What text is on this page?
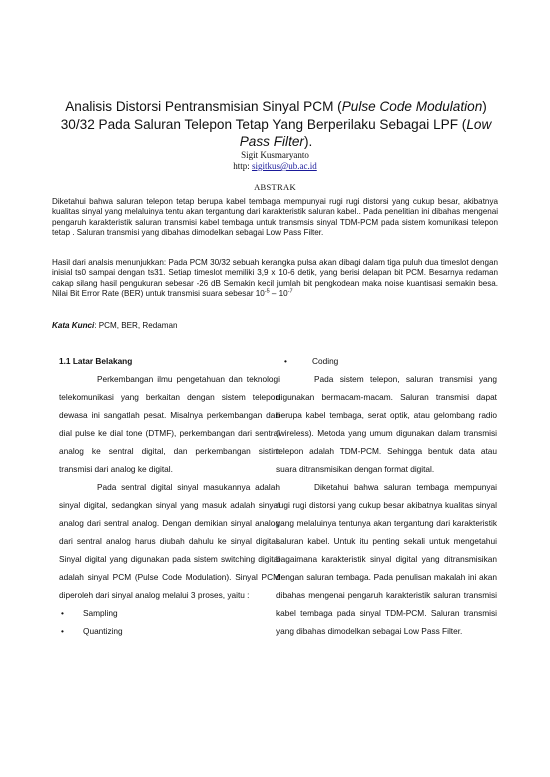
Analisis Distorsi Pentransmisian Sinyal PCM (Pulse Code Modulation) 30/32 Pada Saluran Telepon Tetap Yang Berperilaku Sebagai LPF (Low Pass Filter).
Sigit Kusmaryanto
http: sigitkus@ub.ac.id
ABSTRAK

Diketahui bahwa saluran telepon tetap berupa kabel tembaga mempunyai rugi rugi distorsi yang cukup besar, akibatnya kualitas sinyal yang melaluinya tentu akan tergantung dari karakteristik saluran kabel.. Pada penelitian ini dibahas mengenai pengaruh karakteristik saluran transmisi kabel tembaga untuk transmsis sinyal TDM-PCM pada sistem komunikasi telepon tetap . Saluran transmisi yang dibahas dimodelkan sebagai Low Pass Filter.

Hasil dari analsis menunjukkan: Pada PCM 30/32 sebuah kerangka pulsa akan dibagi dalam tiga puluh dua timeslot dengan inisial ts0 sampai dengan ts31. Setiap timeslot memiliki 3,9 x 10-6 detik, yang berisi delapan bit PCM. Besarnya redaman cakap silang hasil pengukuran sebesar -26 dB Semakin kecil jumlah bit pengkodean maka noise kuantisasi semakin besa. Nilai Bit Error Rate (BER) untuk transmisi suara sebesar $10^{-5} - 10^{-7}$

Kata Kunci: PCM, BER, Redaman

1.1 Latar Belakang

Perkembangan ilmu pengetahuan dan teknologi telekomunikasi yang berkaitan dengan sistem telepon dewasa ini sangatlah pesat. Misalnya perkembangan dari dial pulse ke dial tone (DTMF), perkembangan dari sentral analog ke sentral digital, dan perkembangan sistim transmisi dari analog ke digital.

Pada sentral digital sinyal masukannya adalah sinyal digital, sedangkan sinyal yang masuk adalah sinyal analog dari sentral analog. Dengan demikian sinyal analog dari sentral analog harus diubah dahulu ke sinyal digital. Sinyal digital yang digunakan pada sistem switching digital adalah sinyal PCM (Pulse Code Modulation). Sinyal PCM diperoleh dari sinyal analog melalui 3 proses, yaitu :

•	Sampling
•	Quantizing
•	Coding

Pada sistem telepon, saluran transmisi yang digunakan bermacam-macam. Saluran transmisi dapat berupa kabel tembaga, serat optik, atau gelombang radio (wireless). Metoda yang umum digunakan dalam transmisi telepon adalah TDM-PCM. Sehingga bentuk data atau suara ditransmisikan dengan format digital.

Diketahui bahwa saluran tembaga mempunyai rugi rugi distorsi yang cukup besar akibatnya kualitas sinyal yang melaluinya tentunya akan tergantung dari karakteristik saluran kabel. Untuk itu penting sekali untuk mengetahui bagaimana karakteristik sinyal digital yang ditransmisikan dengan saluran tembaga. Pada penulisan makalah ini akan dibahas mengenai pengaruh karakteristik saluran transmisi kabel tembaga pada sinyal TDM-PCM. Saluran transmisi yang dibahas dimodelkan sebagai Low Pass Filter.
